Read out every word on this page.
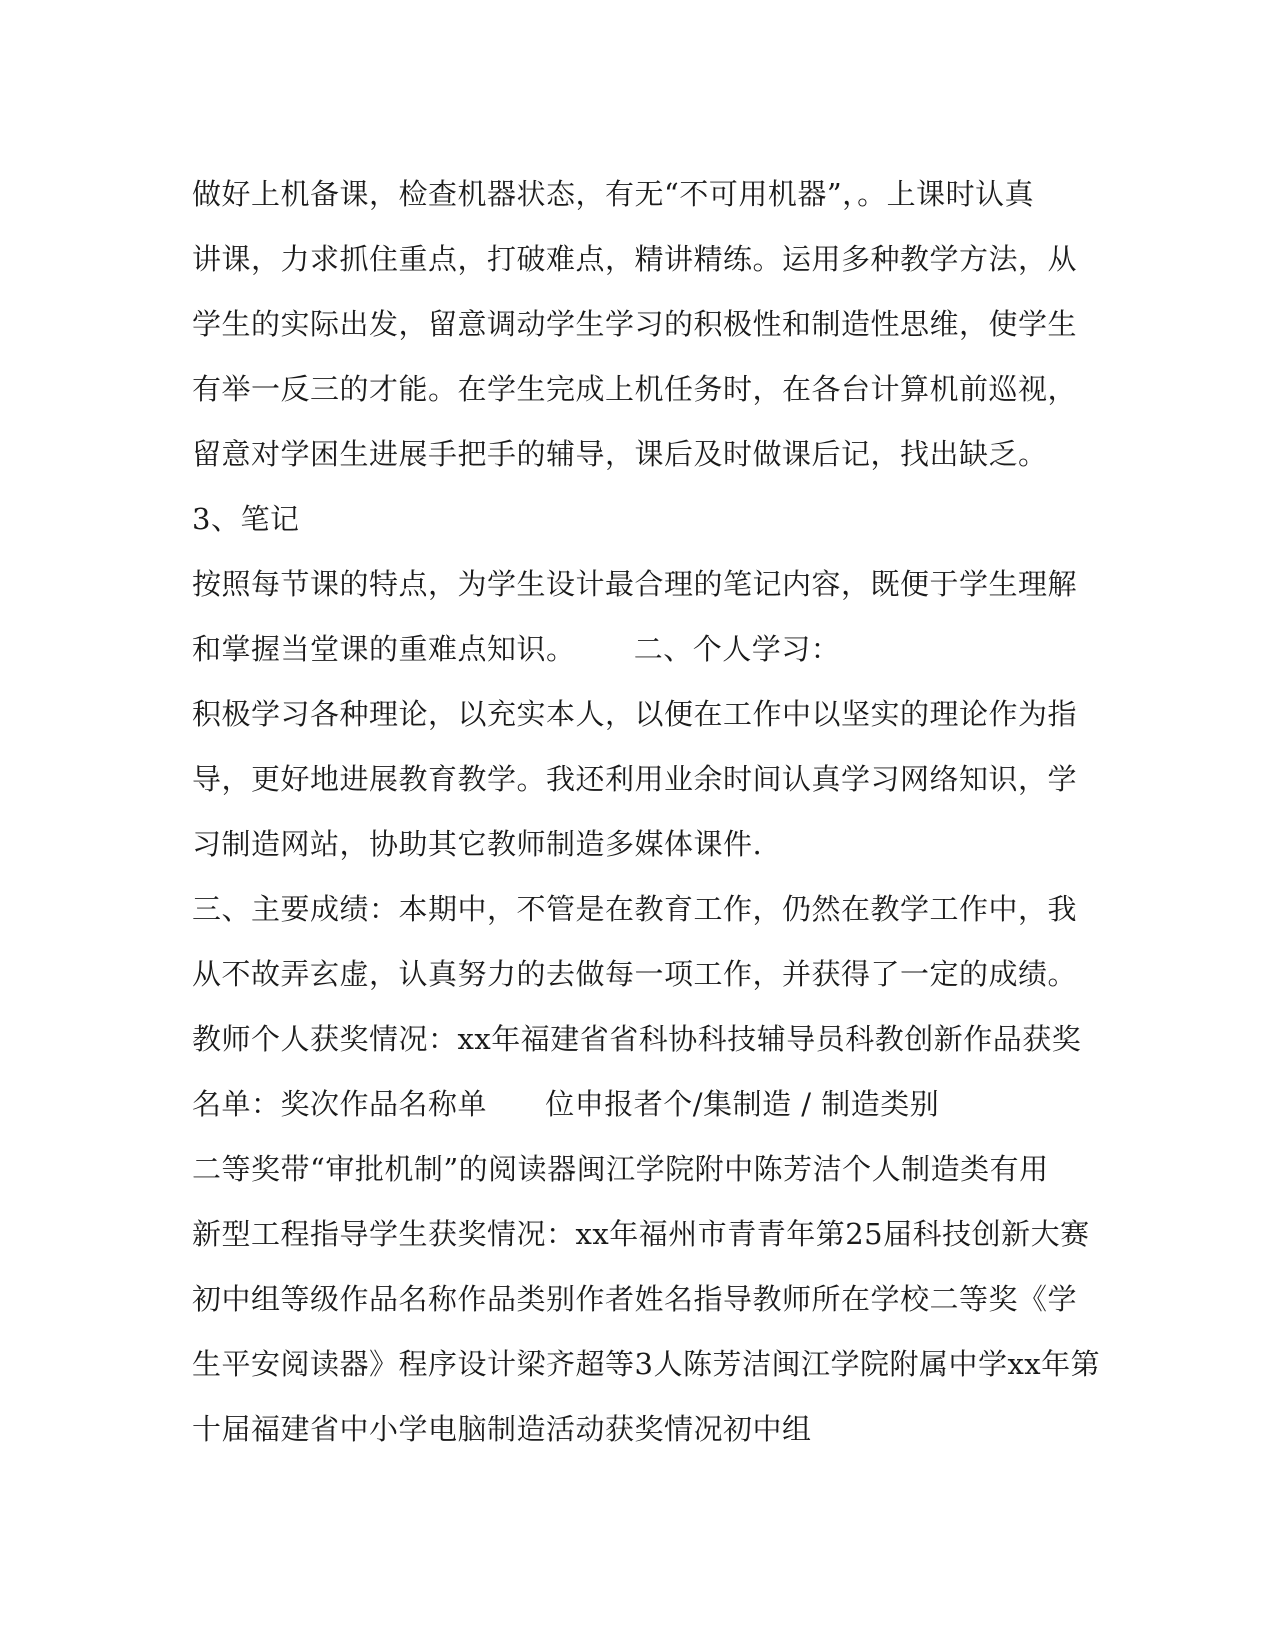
做好上机备课，检查机器状态，有无“不可用机器”，。上课时认真
讲课，力求抓住重点，打破难点，精讲精练。运用多种教学方法，从
学生的实际出发，留意调动学生学习的积极性和制造性思维，使学生
有举一反三的才能。在学生完成上机任务时，在各台计算机前巡视，
留意对学困生进展手把手的辅导，课后及时做课后记，找出缺乏。
3、笔记
按照每节课的特点，为学生设计最合理的笔记内容，既便于学生理解
和掌握当堂课的重难点知识。      二、个人学习：
积极学习各种理论，以充实本人，以便在工作中以坚实的理论作为指
导，更好地进展教育教学。我还利用业余时间认真学习网络知识，学
习制造网站，协助其它教师制造多媒体课件.
三、主要成绩：本期中，不管是在教育工作，仍然在教学工作中，我
从不故弄玄虚，认真努力的去做每一项工作，并获得了一定的成绩。
教师个人获奖情况：xx年福建省省科协科技辅导员科教创新作品获奖
名单：奖次作品名称单      位申报者个/集制造 / 制造类别
二等奖带“审批机制”的阅读器闽江学院附中陈芳洁个人制造类有用
新型工程指导学生获奖情况：xx年福州市青青年第25届科技创新大赛
初中组等级作品名称作品类别作者姓名指导教师所在学校二等奖《学
生平安阅读器》程序设计梁齐超等3人陈芳洁闽江学院附属中学xx年第
十届福建省中小学电脑制造活动获奖情况初中组
